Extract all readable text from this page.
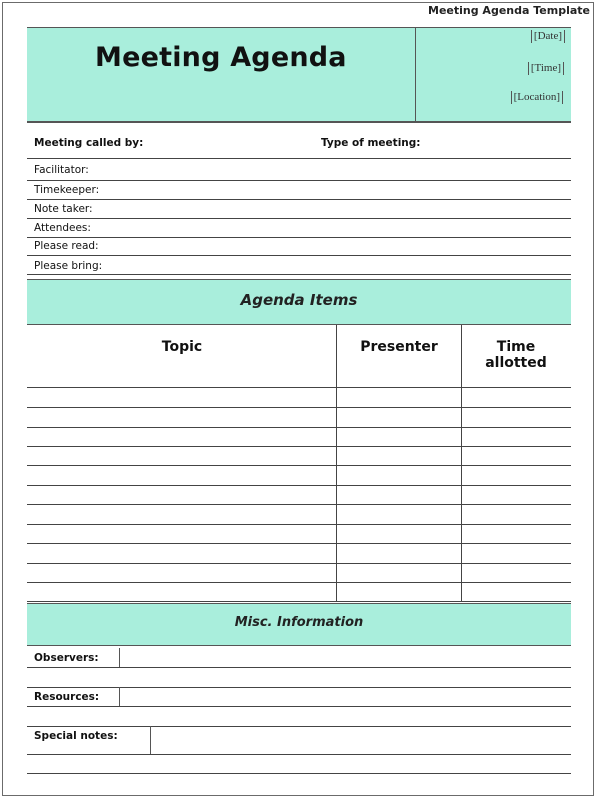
Meeting Agenda Template
Meeting Agenda
[Date]
[Time]
[Location]
Meeting called by:	Type of meeting:
Facilitator:
Timekeeper:
Note taker:
Attendees:
Please read:
Please bring:
Agenda Items
Topic	Presenter	Time
allotted
Misc. Information
Observers:
Resources:
Special notes:
